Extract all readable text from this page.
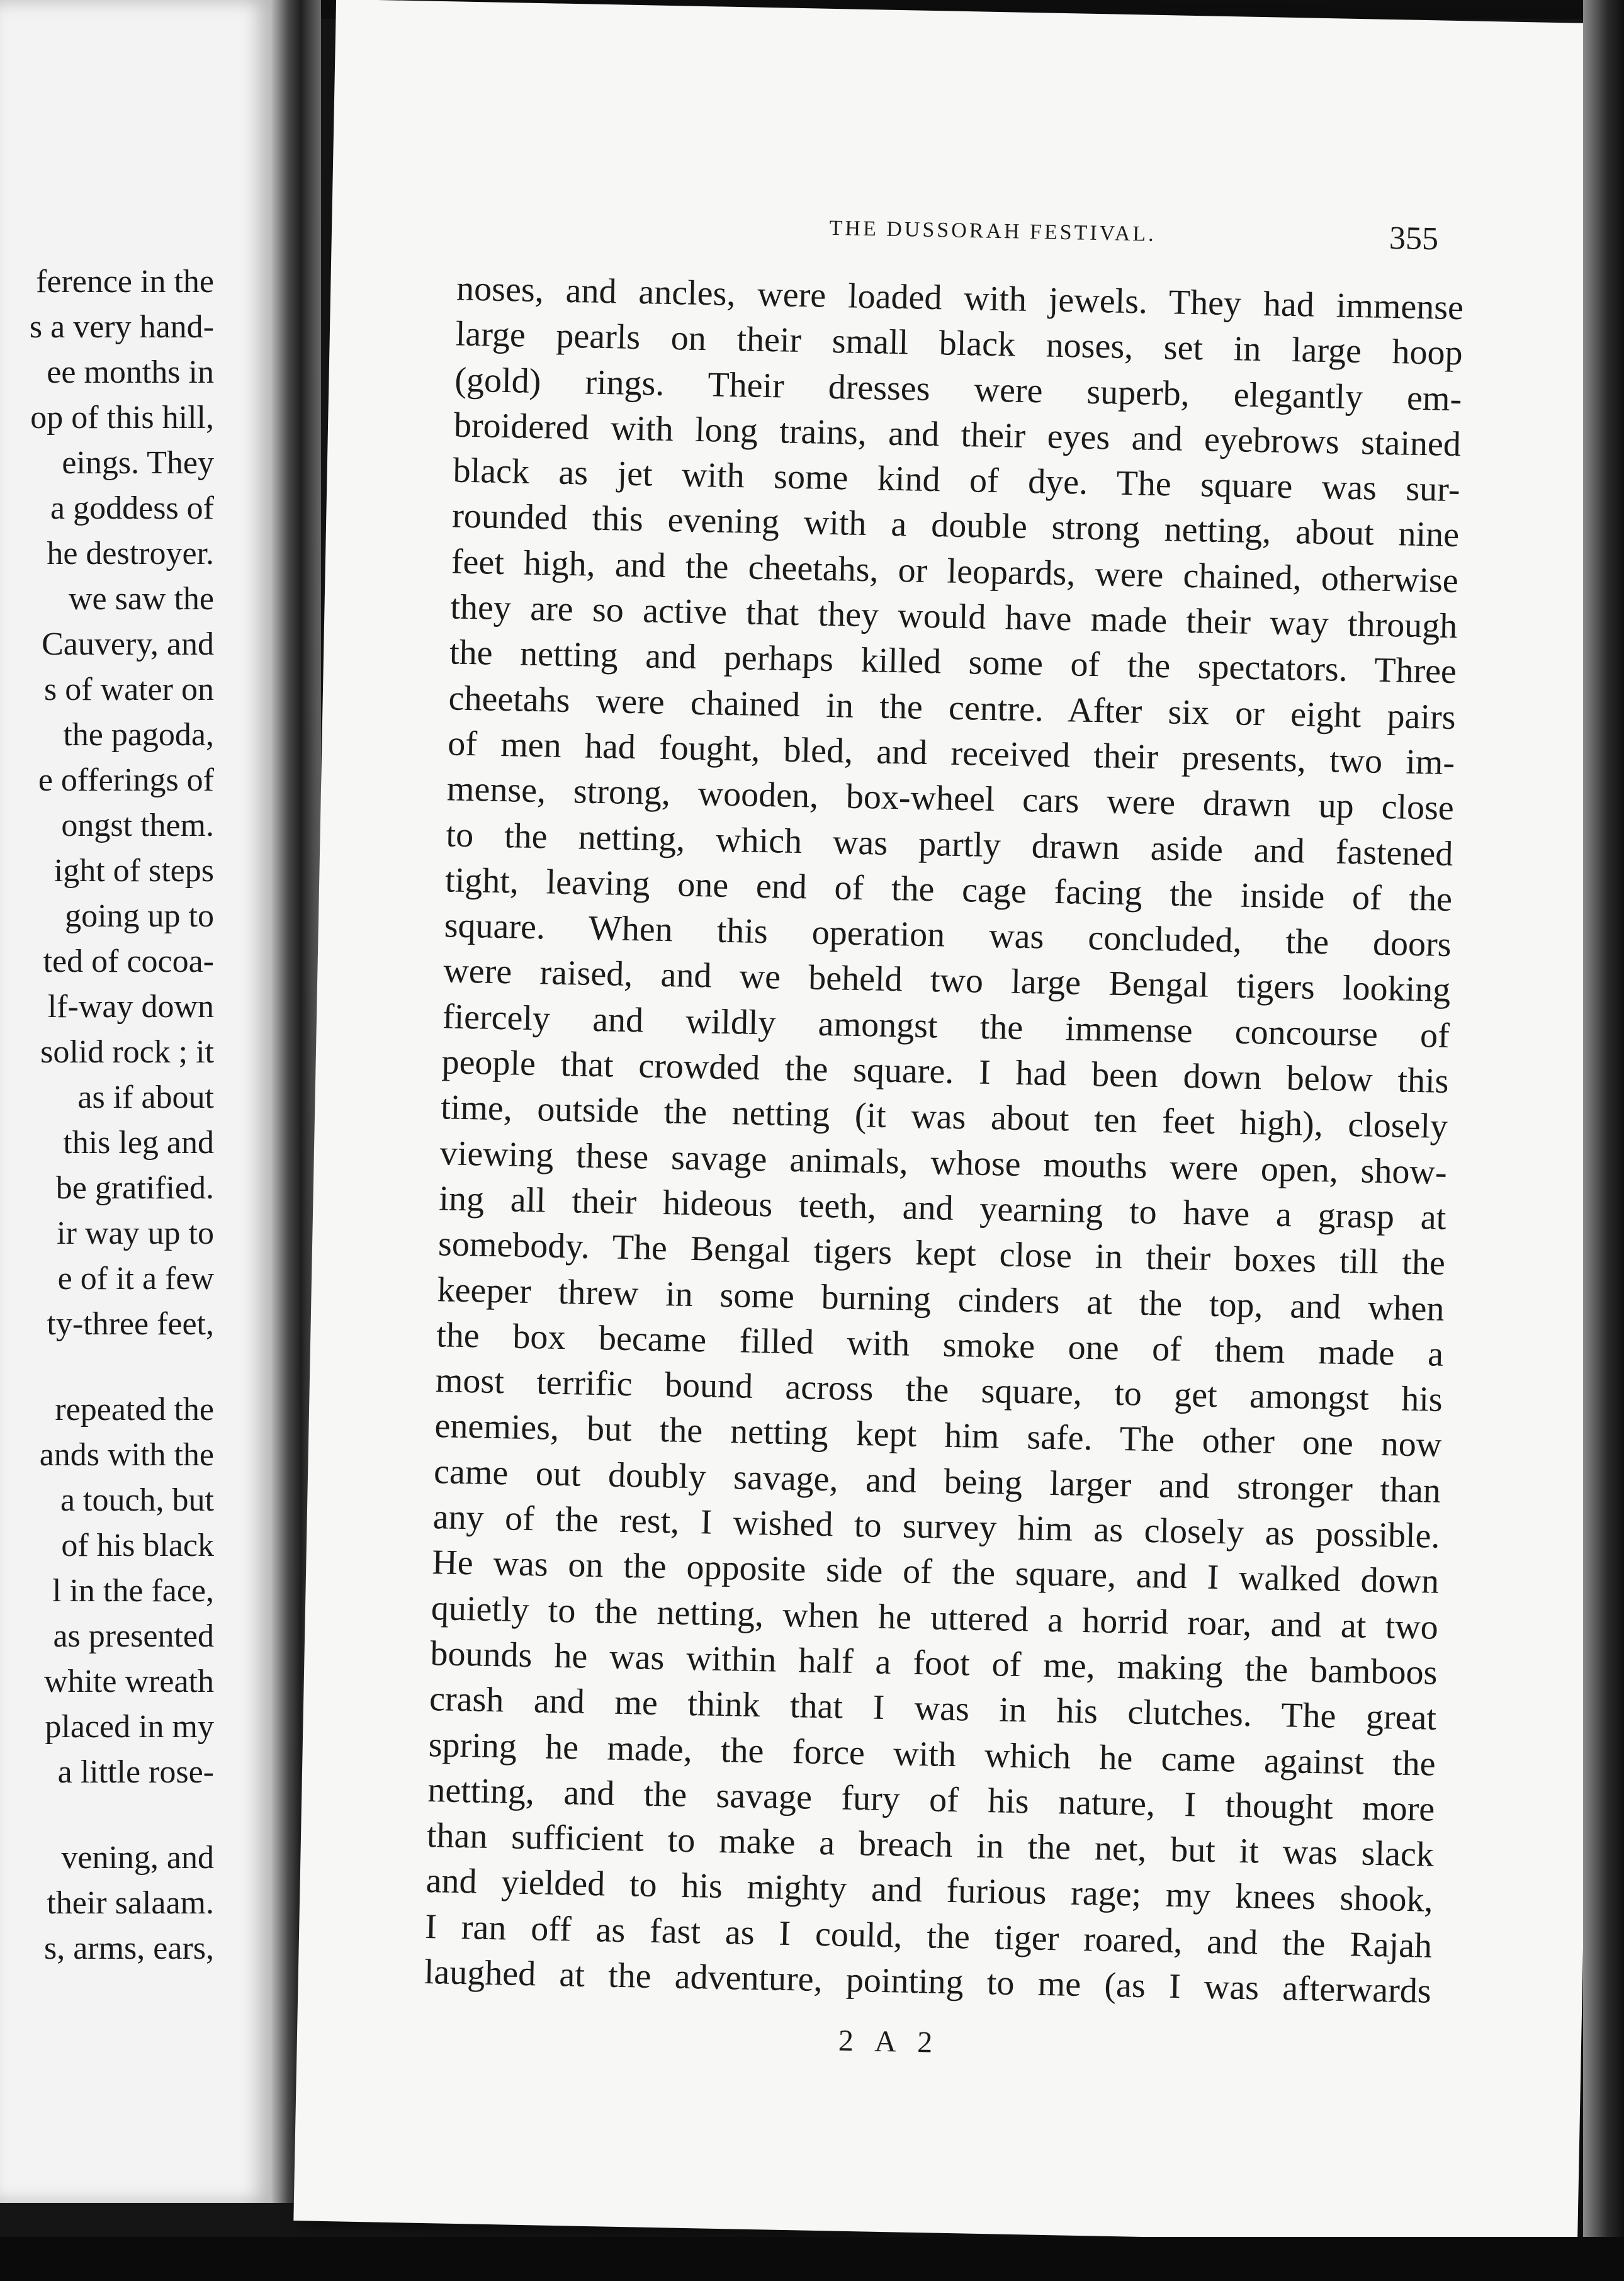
ference in the
s a very hand-
ee months in
op of this hill,
eings. They
a goddess of
he destroyer.
we saw the
Cauvery, and
s of water on
the pagoda,
e offerings of
ongst them.
ight of steps
going up to
ted of cocoa-
lf-way down
solid rock ; it
as if about
this leg and
be gratified.
ir way up to
e of it a few
ty-three feet,
repeated the
ands with the
a touch, but
of his black
l in the face,
as presented
white wreath
placed in my
a little rose-
vening, and
their salaam.
s, arms, ears,
THE DUSSORAH FESTIVAL.	355
noses, and ancles, were loaded with jewels. They had immense
large pearls on their small black noses, set in large hoop
(gold) rings. Their dresses were superb, elegantly em-
broidered with long trains, and their eyes and eyebrows stained
black as jet with some kind of dye. The square was sur-
rounded this evening with a double strong netting, about nine
feet high, and the cheetahs, or leopards, were chained, otherwise
they are so active that they would have made their way through
the netting and perhaps killed some of the spectators. Three
cheetahs were chained in the centre. After six or eight pairs
of men had fought, bled, and received their presents, two im-
mense, strong, wooden, box-wheel cars were drawn up close
to the netting, which was partly drawn aside and fastened
tight, leaving one end of the cage facing the inside of the
square. When this operation was concluded, the doors
were raised, and we beheld two large Bengal tigers looking
fiercely and wildly amongst the immense concourse of
people that crowded the square. I had been down below this
time, outside the netting (it was about ten feet high), closely
viewing these savage animals, whose mouths were open, show-
ing all their hideous teeth, and yearning to have a grasp at
somebody. The Bengal tigers kept close in their boxes till the
keeper threw in some burning cinders at the top, and when
the box became filled with smoke one of them made a
most terrific bound across the square, to get amongst his
enemies, but the netting kept him safe. The other one now
came out doubly savage, and being larger and stronger than
any of the rest, I wished to survey him as closely as possible.
He was on the opposite side of the square, and I walked down
quietly to the netting, when he uttered a horrid roar, and at two
bounds he was within half a foot of me, making the bamboos
crash and me think that I was in his clutches. The great
spring he made, the force with which he came against the
netting, and the savage fury of his nature, I thought more
than sufficient to make a breach in the net, but it was slack
and yielded to his mighty and furious rage; my knees shook,
I ran off as fast as I could, the tiger roared, and the Rajah
laughed at the adventure, pointing to me (as I was afterwards
2 A 2
